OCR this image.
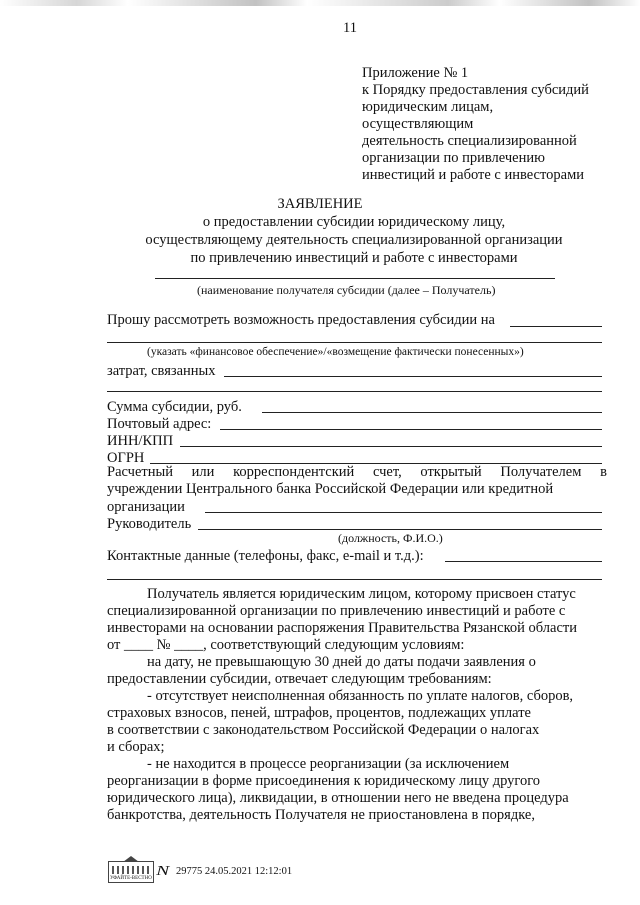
11
Приложение № 1
к Порядку предоставления субсидий
юридическим лицам,
осуществляющим
деятельность специализированной
организации по привлечению
инвестиций и работе с инвесторами
ЗАЯВЛЕНИЕ
о предоставлении субсидии юридическому лицу,
осуществляющему деятельность специализированной организации
по привлечению инвестиций и работе с инвесторами
(наименование получателя субсидии (далее – Получатель)
Прошу рассмотреть возможность предоставления субсидии на
(указать «финансовое обеспечение»/«возмещение фактически понесенных»)
затрат, связанных
Сумма субсидии, руб.
Почтовый адрес:
ИНН/КПП
ОГРН
Расчетный или корреспондентский счет, открытый Получателем в
учреждении Центрального банка Российской Федерации или кредитной
организации
Руководитель
(должность, Ф.И.О.)
Контактные данные (телефоны, факс, e-mail и т.д.):
Получатель является юридическим лицом, которому присвоен статус
специализированной организации по привлечению инвестиций и работе с
инвесторами на основании распоряжения Правительства Рязанской области
от ____ № ____, соответствующий следующим условиям:
на дату, не превышающую 30 дней до даты подачи заявления о
предоставлении субсидии, отвечает следующим требованиям:
- отсутствует неисполненная обязанность по уплате налогов, сборов,
страховых взносов, пеней, штрафов, процентов, подлежащих уплате
в соответствии с законодательством Российской Федерации о налогах
и сборах;
- не находится в процессе реорганизации (за исключением
реорганизации в форме присоединения к юридическому лицу другого
юридического лица), ликвидации, в отношении него не введена процедура
банкротства, деятельность Получателя не приостановлена в порядке,
УФАЙТЕ-ВЕСТНО N 29775 24.05.2021 12:12:01
